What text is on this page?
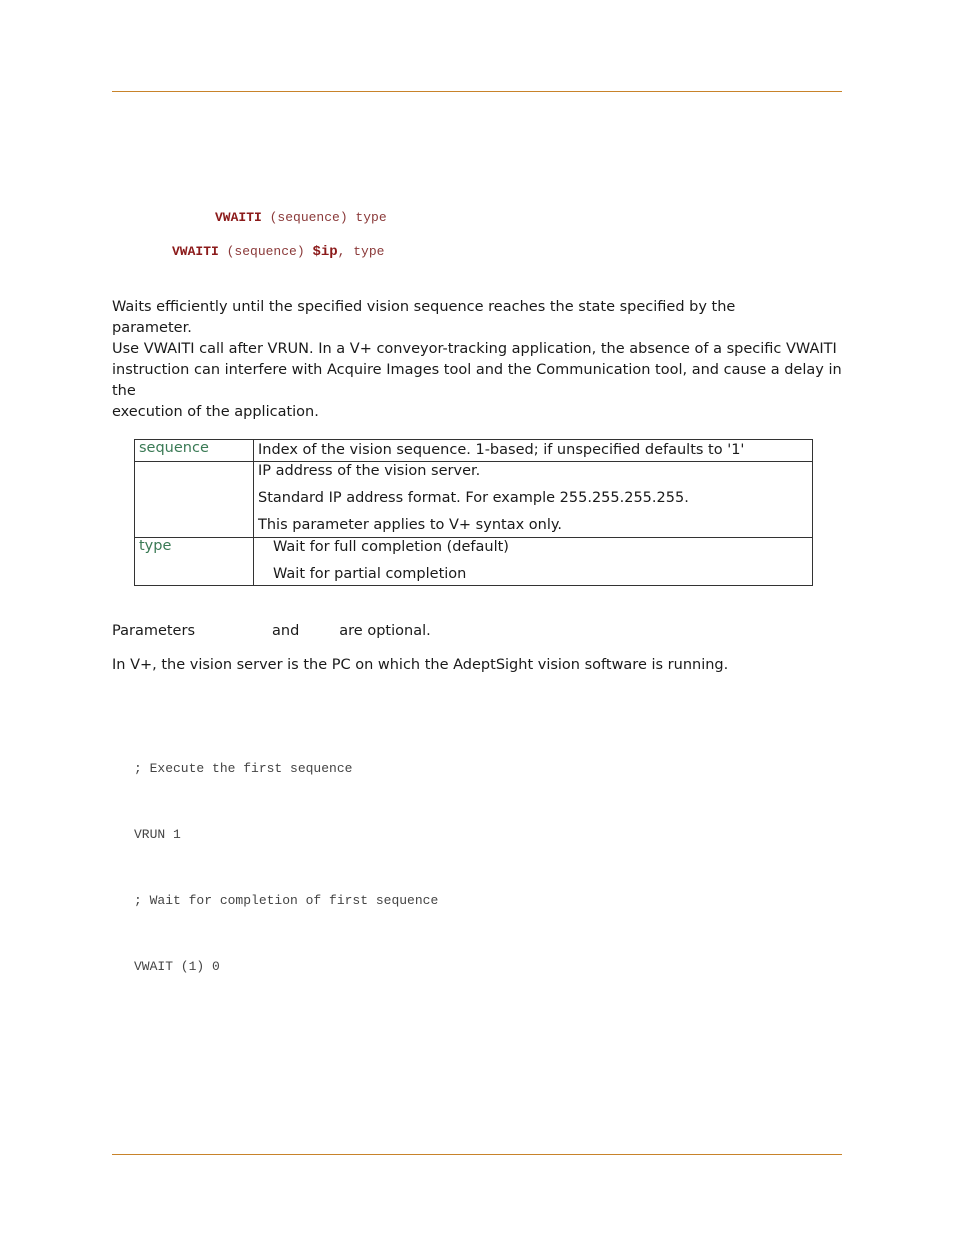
VWAITI (sequence) type
VWAITI (sequence) $ip, type
Waits efficiently until the specified vision sequence reaches the state specified by theparameter.
Use VWAITI call after VRUN. In a V+ conveyor-tracking application, the absence of a specific VWAITI
instruction can interfere with Acquire Images tool and the Communication tool, and cause a delay in the
execution of the application.
sequence	Index of the vision sequence. 1-based; if unspecified defaults to '1'

	IP address of the vision server.
Standard IP address format. For example 255.255.255.255.
This parameter applies to V+ syntax only.

type	Wait for full completion (default)
Wait for partial completion
Parameters	and	are optional.
In V+, the vision server is the PC on which the AdeptSight vision software is running.

; Execute the first sequence

VRUN 1

; Wait for completion of first sequence

VWAIT (1) 0
